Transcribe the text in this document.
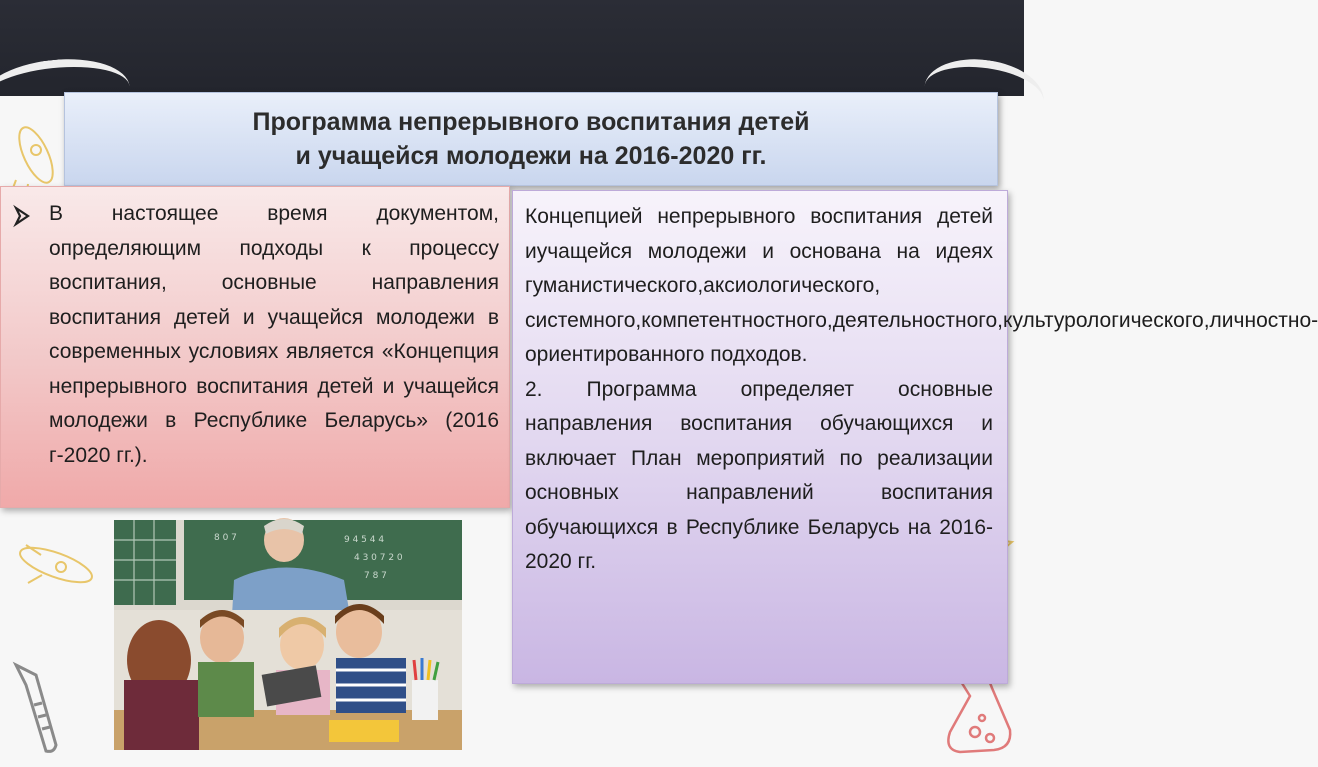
Программа непрерывного воспитания детей
и учащейся молодежи на 2016-2020 гг.
В настоящее время документом, определяющим подходы к процессу воспитания, основные направления воспитания детей и учащейся молодежи в современных условиях является «Концепция непрерывного воспитания детей и учащейся молодежи в Республике Беларусь» (2016 г-2020 гг.).
Концепцией непрерывного воспитания детей иучащейся молодежи и основана на идеях гуманистического,аксиологического, системного,компетентностного,деятельностного,культурологического,личностно-ориентированного подходов.
2. Программа определяет основные направления воспитания обучающихся и включает План мероприятий по реализации основных направлений воспитания обучающихся в Республике Беларусь на 2016- 2020 гг.
8 0 7	9 4 5 4 4
4 3 0 7 2 0
7 8 7
